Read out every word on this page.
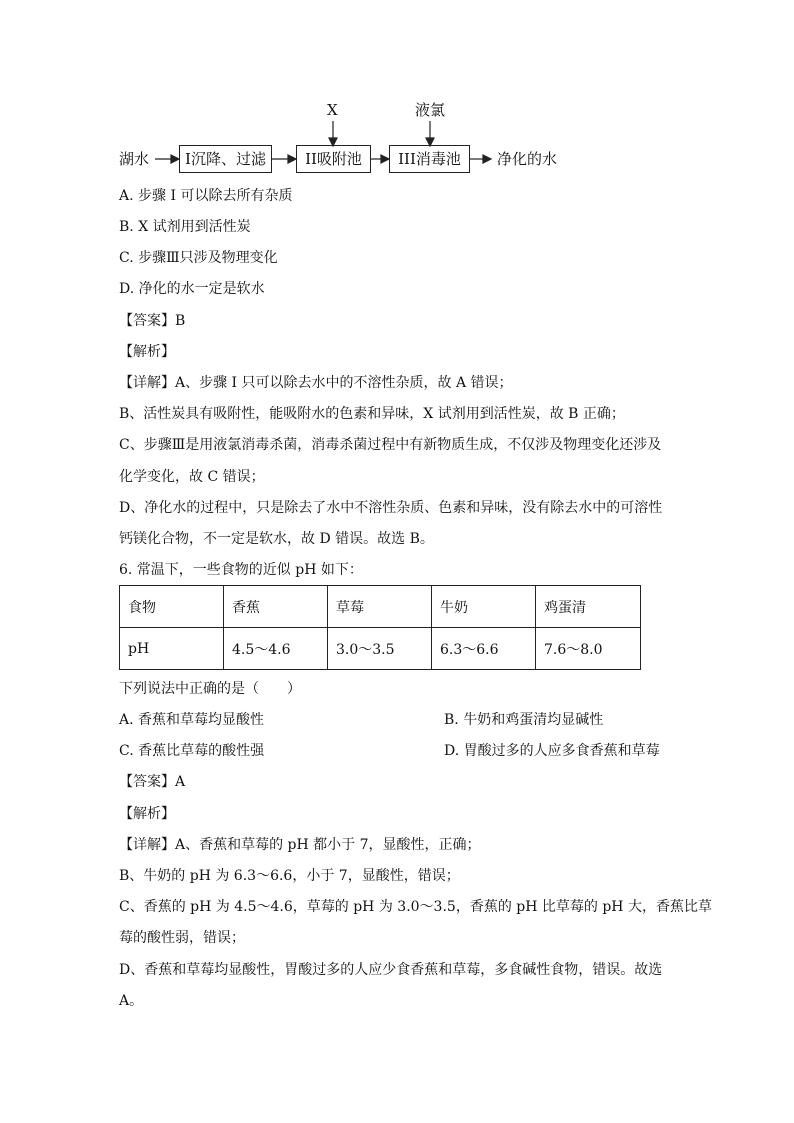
X	液氯
湖水	I沉降、过滤	II吸附池	III消毒池	净化的水
A. 步骤 I 可以除去所有杂质
B. X 试剂用到活性炭
C. 步骤Ⅲ只涉及物理变化
D. 净化的水一定是软水
【答案】B
【解析】
【详解】A、步骤 I 只可以除去水中的不溶性杂质，故 A 错误；
B、活性炭具有吸附性，能吸附水的色素和异味，X 试剂用到活性炭，故 B 正确；
C、步骤Ⅲ是用液氯消毒杀菌，消毒杀菌过程中有新物质生成，不仅涉及物理变化还涉及
化学变化，故 C 错误；
D、净化水的过程中，只是除去了水中不溶性杂质、色素和异味，没有除去水中的可溶性
钙镁化合物，不一定是软水，故 D 错误。故选 B。
6. 常温下，一些食物的近似 pH 如下：
食物	香蕉	草莓	牛奶	鸡蛋清
pH	4.5～4.6	3.0～3.5	6.3～6.6	7.6～8.0
下列说法中正确的是（　　）
A. 香蕉和草莓均显酸性	B. 牛奶和鸡蛋清均显碱性
C. 香蕉比草莓的酸性强	D. 胃酸过多的人应多食香蕉和草莓
【答案】A
【解析】
【详解】A、香蕉和草莓的 pH 都小于 7，显酸性，正确；
B、牛奶的 pH 为 6.3～6.6，小于 7，显酸性，错误；
C、香蕉的 pH 为 4.5～4.6，草莓的 pH 为 3.0～3.5，香蕉的 pH 比草莓的 pH 大，香蕉比草
莓的酸性弱，错误；
D、香蕉和草莓均显酸性，胃酸过多的人应少食香蕉和草莓，多食碱性食物，错误。故选
A。
